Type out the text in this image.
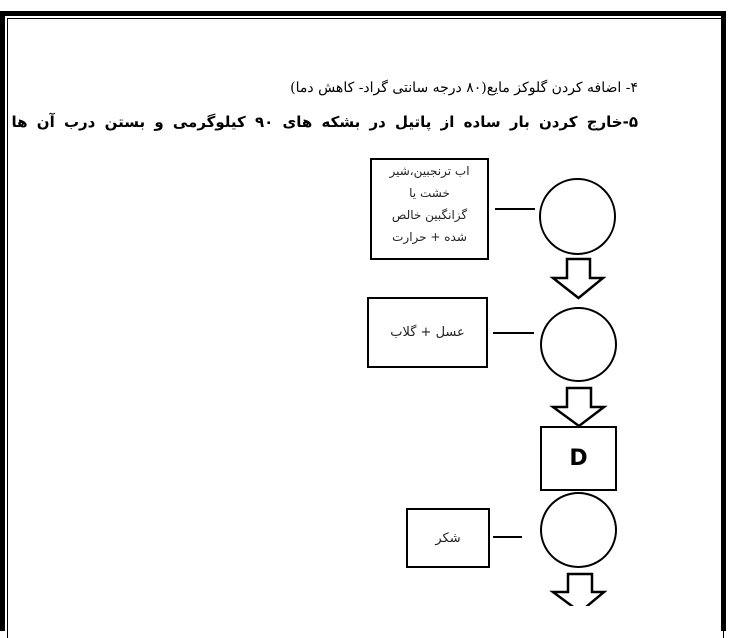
۴- اضافه کردن گلوکز مایع(۸۰ درجه سانتی گراد- کاهش دما)
۵-خارج کردن بار ساده از پاتیل در بشکه های ۹۰ کیلوگرمی و بستن درب آن ها
اب ترنجبین،شیر
خشت یا
گزانگبین خالص
شده + حرارت
عسل + گلاب
D
شکر
